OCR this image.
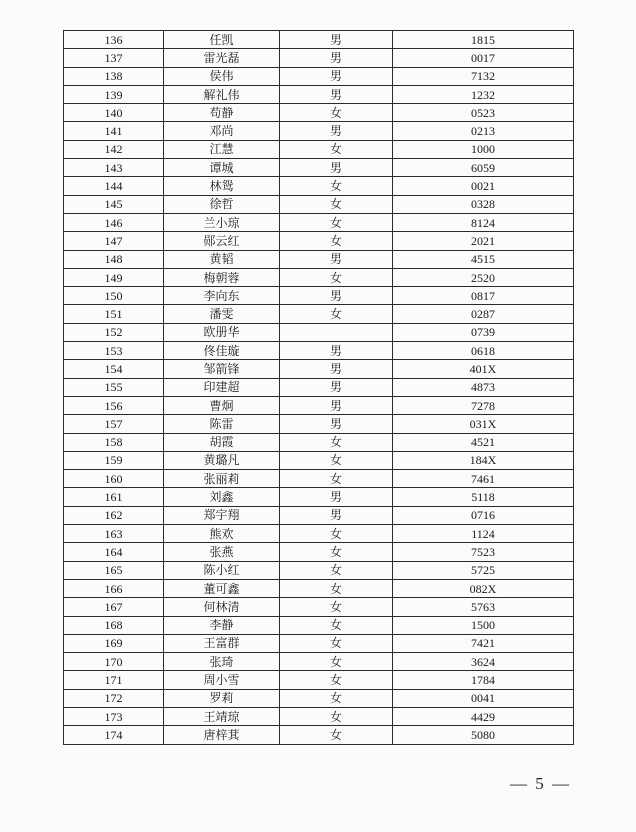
136	任凯	男	1815
137	雷光磊	男	0017
138	侯伟	男	7132
139	解礼伟	男	1232
140	苟静	女	0523
141	邓尚	男	0213
142	江慧	女	1000
143	谭城	男	6059
144	林鸳	女	0021
145	徐哲	女	0328
146	兰小琼	女	8124
147	郧云红	女	2021
148	黄韬	男	4515
149	梅朝蓉	女	2520
150	李向东	男	0817
151	潘雯	女	0287
152	欧册华		0739
153	佟佳璇	男	0618
154	邹箭锋	男	401X
155	印建超	男	4873
156	曹炯	男	7278
157	陈雷	男	031X
158	胡霞	女	4521
159	黄璐凡	女	184X
160	张丽莉	女	7461
161	刘鑫	男	5118
162	郑宇翔	男	0716
163	熊欢	女	1124
164	张燕	女	7523
165	陈小红	女	5725
166	董可鑫	女	082X
167	何林清	女	5763
168	李静	女	1500
169	王富群	女	7421
170	张琦	女	3624
171	周小雪	女	1784
172	罗莉	女	0041
173	王靖琼	女	4429
174	唐梓萁	女	5080
— 5 —
